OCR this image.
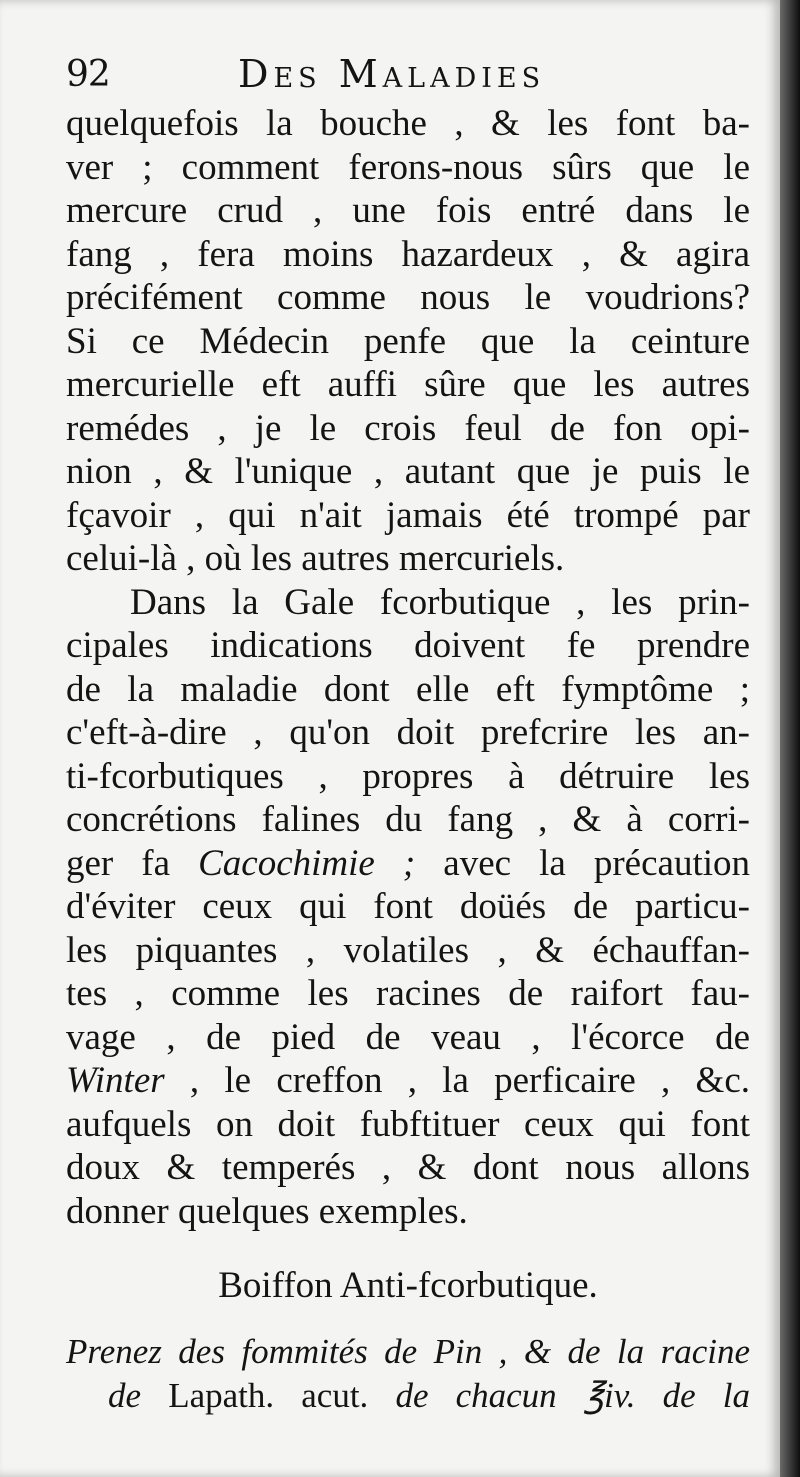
92	Des Maladies
quelquefois la bouche , & les font ba-
ver ; comment ferons-nous sûrs que le
mercure crud , une fois entré dans le
fang , fera moins hazardeux , & agira
précifément comme nous le voudrions?
Si ce Médecin penfe que la ceinture
mercurielle eft auffi sûre que les autres
remédes , je le crois feul de fon opi-
nion , & l'unique , autant que je puis le
fçavoir , qui n'ait jamais été trompé par
celui-là , où les autres mercuriels.
Dans la Gale fcorbutique , les prin-
cipales indications doivent fe prendre
de la maladie dont elle eft fymptôme ;
c'eft-à-dire , qu'on doit prefcrire les an-
ti-fcorbutiques , propres à détruire les
concrétions falines du fang , & à corri-
ger fa Cacochimie ; avec la précaution
d'éviter ceux qui font doüés de particu-
les piquantes , volatiles , & échauffan-
tes , comme les racines de raifort fau-
vage , de pied de veau , l'écorce de
Winter , le creffon , la perficaire , &c.
aufquels on doit fubftituer ceux qui font
doux & temperés , & dont nous allons
donner quelques exemples.
Boiffon Anti-fcorbutique.
Prenez des fommités de Pin , & de la racine
de Lapath. acut. de chacun ℥iv. de la
